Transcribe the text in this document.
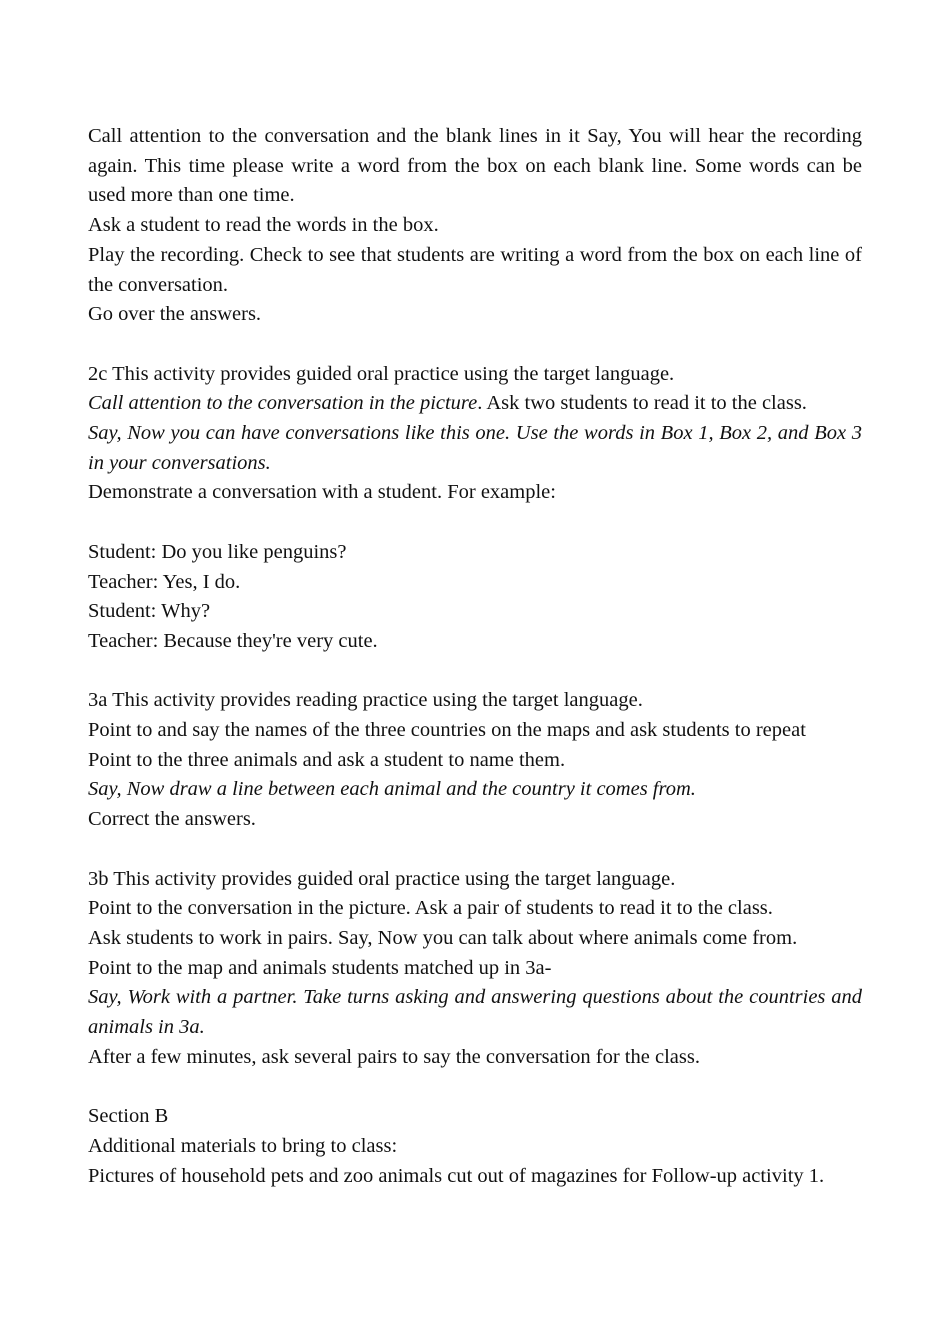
Call attention to the conversation and the blank lines in it Say, You will hear the recording again. This time please write a word from the box on each blank line. Some words can be used more than one time.

Ask a student to read the words in the box.

Play the recording. Check to see that students are writing a word from the box on each line of the conversation.

Go over the answers.

2c This activity provides guided oral practice using the target language.

Call attention to the conversation in the picture. Ask two students to read it to the class.

Say, Now you can have conversations like this one. Use the words in Box 1, Box 2, and Box 3 in your conversations.

Demonstrate a conversation with a student. For example:

Student: Do you like penguins?

Teacher: Yes, I do.

Student: Why?

Teacher: Because they're very cute.

3a This activity provides reading practice using the target language.

Point to and say the names of the three countries on the maps and ask students to repeat

Point to the three animals and ask a student to name them.

Say, Now draw a line between each animal and the country it comes from.

Correct the answers.

3b This activity provides guided oral practice using the target language.

Point to the conversation in the picture. Ask a pair of students to read it to the class.

Ask students to work in pairs. Say, Now you can talk about where animals come from.

Point to the map and animals students matched up in 3a-

Say, Work with a partner. Take turns asking and answering questions about the countries and animals in 3a.

After a few minutes, ask several pairs to say the conversation for the class.

Section B

Additional materials to bring to class:

Pictures of household pets and zoo animals cut out of magazines for Follow-up activity 1.
